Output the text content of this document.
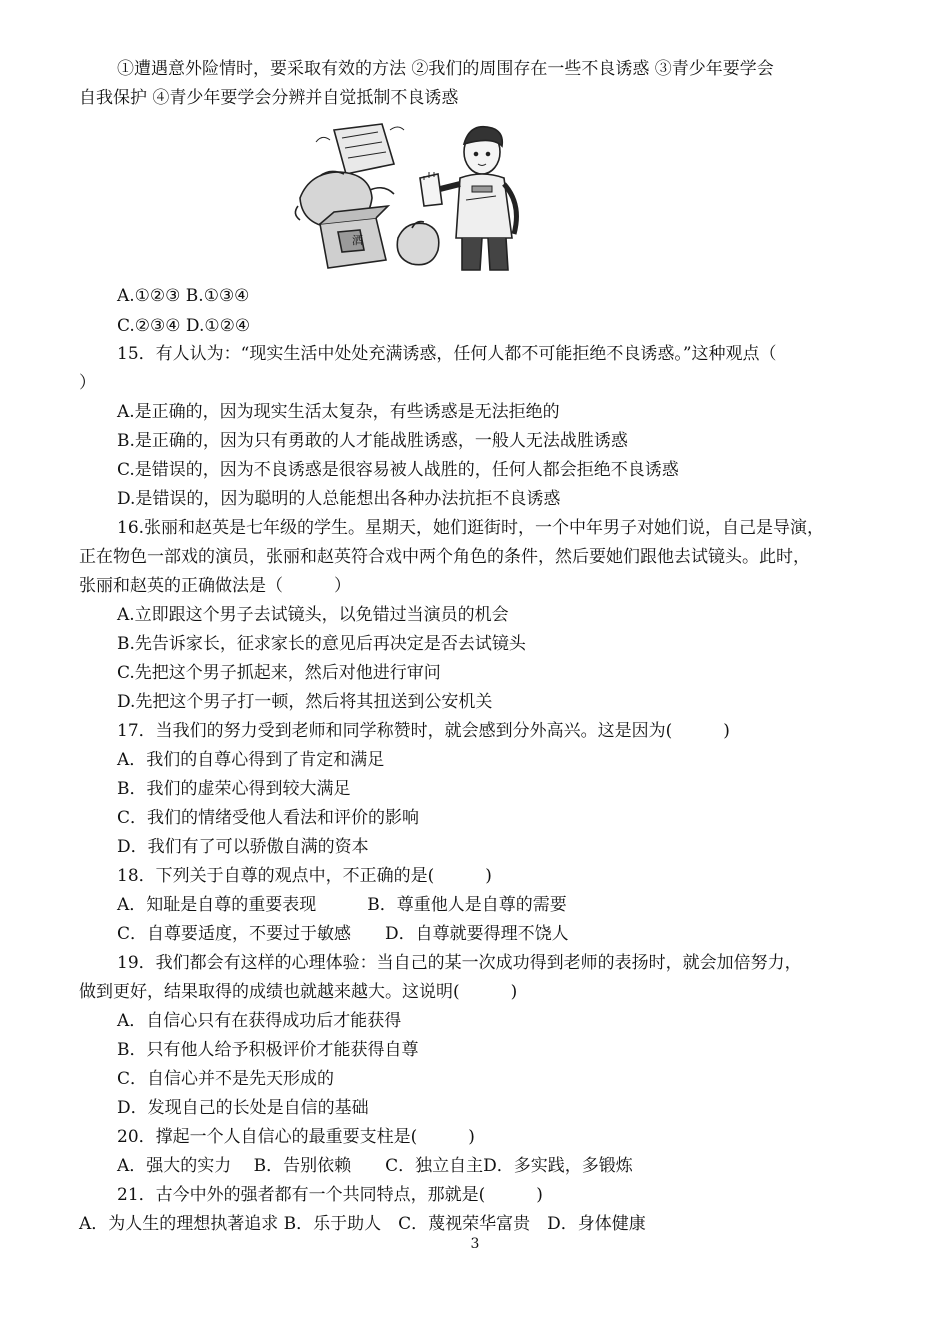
①遭遇意外险情时，要采取有效的方法 ②我们的周围存在一些不良诱惑 ③青少年要学会
自我保护 ④青少年要学会分辨并自觉抵制不良诱惑
酒
A.①②③ B.①③④
C.②③④ D.①②④
15．有人认为：“现实生活中处处充满诱惑，任何人都不可能拒绝不良诱惑。”这种观点（
）
A.是正确的，因为现实生活太复杂，有些诱惑是无法拒绝的
B.是正确的，因为只有勇敢的人才能战胜诱惑，一般人无法战胜诱惑
C.是错误的，因为不良诱惑是很容易被人战胜的，任何人都会拒绝不良诱惑
D.是错误的，因为聪明的人总能想出各种办法抗拒不良诱惑
16.张丽和赵英是七年级的学生。星期天，她们逛街时，一个中年男子对她们说，自己是导演，
正在物色一部戏的演员，张丽和赵英符合戏中两个角色的条件，然后要她们跟他去试镜头。此时，
张丽和赵英的正确做法是（　　　）
A.立即跟这个男子去试镜头，以免错过当演员的机会
B.先告诉家长，征求家长的意见后再决定是否去试镜头
C.先把这个男子抓起来，然后对他进行审问
D.先把这个男子打一顿，然后将其扭送到公安机关
17．当我们的努力受到老师和同学称赞时，就会感到分外高兴。这是因为(　　　)
A．我们的自尊心得到了肯定和满足
B．我们的虚荣心得到较大满足
C．我们的情绪受他人看法和评价的影响
D．我们有了可以骄傲自满的资本
18．下列关于自尊的观点中，不正确的是(　　　)
A．知耻是自尊的重要表现　　　B．尊重他人是自尊的需要
C．自尊要适度，不要过于敏感　　D．自尊就要得理不饶人
19．我们都会有这样的心理体验：当自己的某一次成功得到老师的表扬时，就会加倍努力，
做到更好，结果取得的成绩也就越来越大。这说明(　　　)
A．自信心只有在获得成功后才能获得
B．只有他人给予积极评价才能获得自尊
C．自信心并不是先天形成的
D．发现自己的长处是自信的基础
20．撑起一个人自信心的最重要支柱是(　　　)
A．强大的实力　 B．告别依赖　　C．独立自主D．多实践，多锻炼
21．古今中外的强者都有一个共同特点，那就是(　　　)
A．为人生的理想执著追求 B．乐于助人　C．蔑视荣华富贵　D．身体健康
3
